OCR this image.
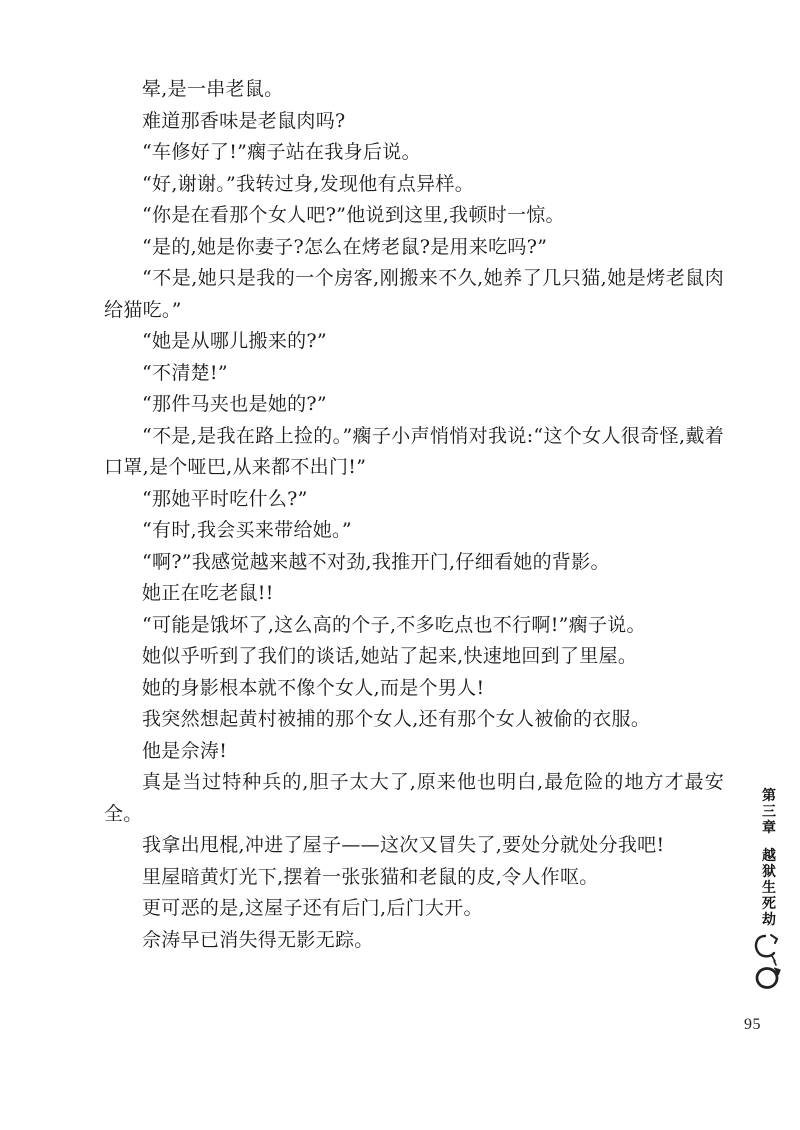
晕,是一串老鼠。

难道那香味是老鼠肉吗?

“车修好了!”瘸子站在我身后说。

“好,谢谢。”我转过身,发现他有点异样。

“你是在看那个女人吧?”他说到这里,我顿时一惊。

“是的,她是你妻子?怎么在烤老鼠?是用来吃吗?”

“不是,她只是我的一个房客,刚搬来不久,她养了几只猫,她是烤老鼠肉给猫吃。”

“她是从哪儿搬来的?”

“不清楚!”

“那件马夹也是她的?”

“不是,是我在路上捡的。”瘸子小声悄悄对我说:“这个女人很奇怪,戴着口罩,是个哑巴,从来都不出门!”

“那她平时吃什么?”

“有时,我会买来带给她。”

“啊?”我感觉越来越不对劲,我推开门,仔细看她的背影。

她正在吃老鼠!!

“可能是饿坏了,这么高的个子,不多吃点也不行啊!”瘸子说。

她似乎听到了我们的谈话,她站了起来,快速地回到了里屋。

她的身影根本就不像个女人,而是个男人!

我突然想起黄村被捕的那个女人,还有那个女人被偷的衣服。

他是佘涛!

真是当过特种兵的,胆子太大了,原来他也明白,最危险的地方才最安全。

我拿出甩棍,冲进了屋子——这次又冒失了,要处分就处分我吧!

里屋暗黄灯光下,摆着一张张猫和老鼠的皮,令人作呕。

更可恶的是,这屋子还有后门,后门大开。

佘涛早已消失得无影无踪。

第
三
章
越
狱
生
死
劫
95
